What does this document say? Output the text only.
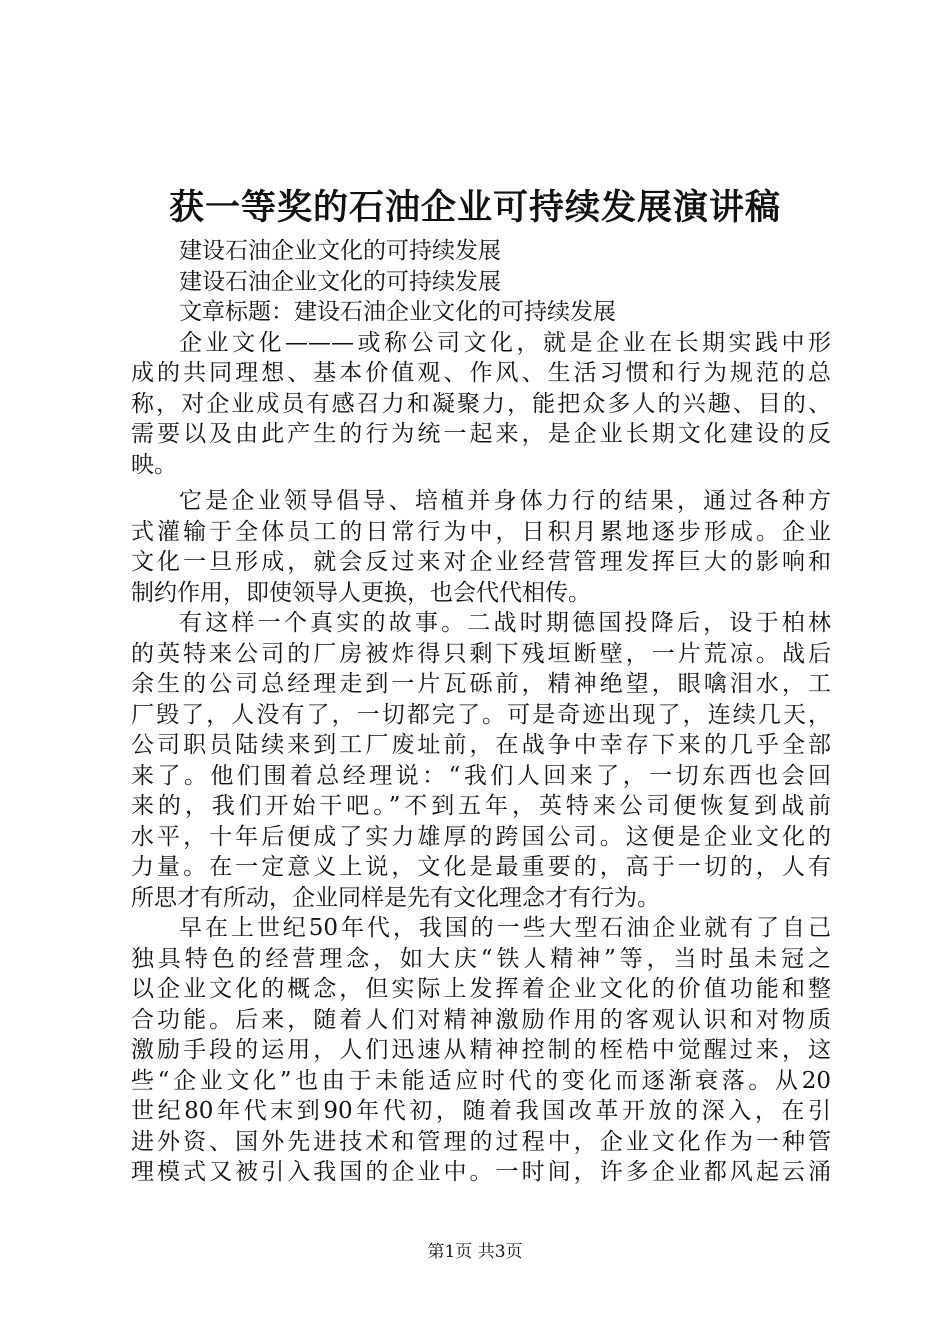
获一等奖的石油企业可持续发展演讲稿
建设石油企业文化的可持续发展
建设石油企业文化的可持续发展
文章标题：建设石油企业文化的可持续发展
企业文化———或称公司文化，就是企业在长期实践中形
成的共同理想、基本价值观、作风、生活习惯和行为规范的总
称，对企业成员有感召力和凝聚力，能把众多人的兴趣、目的、
需要以及由此产生的行为统一起来，是企业长期文化建设的反
映。
它是企业领导倡导、培植并身体力行的结果，通过各种方
式灌输于全体员工的日常行为中，日积月累地逐步形成。企业
文化一旦形成，就会反过来对企业经营管理发挥巨大的影响和
制约作用，即使领导人更换，也会代代相传。
有这样一个真实的故事。二战时期德国投降后，设于柏林
的英特来公司的厂房被炸得只剩下残垣断壁，一片荒凉。战后
余生的公司总经理走到一片瓦砾前，精神绝望，眼噙泪水，工
厂毁了，人没有了，一切都完了。可是奇迹出现了，连续几天，
公司职员陆续来到工厂废址前，在战争中幸存下来的几乎全部
来了。他们围着总经理说：“我们人回来了，一切东西也会回
来的，我们开始干吧。”不到五年，英特来公司便恢复到战前
水平，十年后便成了实力雄厚的跨国公司。这便是企业文化的
力量。在一定意义上说，文化是最重要的，高于一切的，人有
所思才有所动，企业同样是先有文化理念才有行为。
早在上世纪50年代，我国的一些大型石油企业就有了自己
独具特色的经营理念，如大庆“铁人精神”等，当时虽未冠之
以企业文化的概念，但实际上发挥着企业文化的价值功能和整
合功能。后来，随着人们对精神激励作用的客观认识和对物质
激励手段的运用，人们迅速从精神控制的桎梏中觉醒过来，这
些“企业文化”也由于未能适应时代的变化而逐渐衰落。从20
世纪80年代末到90年代初，随着我国改革开放的深入，在引
进外资、国外先进技术和管理的过程中，企业文化作为一种管
理模式又被引入我国的企业中。一时间，许多企业都风起云涌
第1页 共3页
